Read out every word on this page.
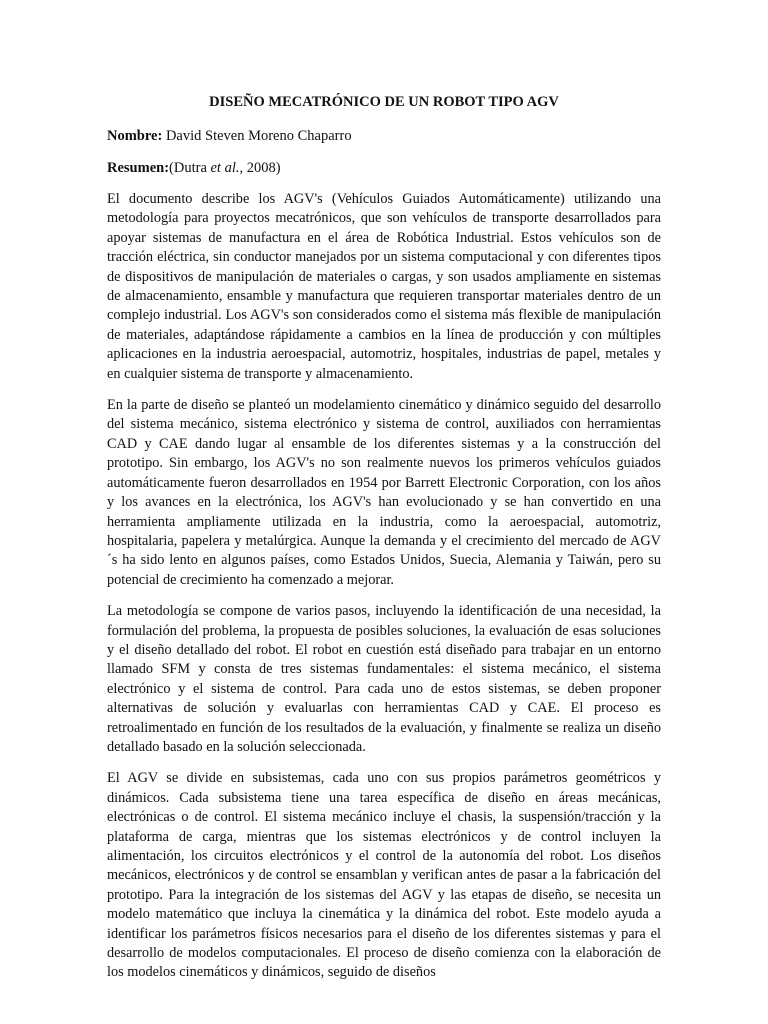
DISEÑO MECATRÓNICO DE UN ROBOT TIPO AGV
Nombre: David Steven Moreno Chaparro
Resumen:(Dutra et al., 2008)

El documento describe los AGV's (Vehículos Guiados Automáticamente) utilizando una metodología para proyectos mecatrónicos, que son vehículos de transporte desarrollados para apoyar sistemas de manufactura en el área de Robótica Industrial. Estos vehículos son de tracción eléctrica, sin conductor manejados por un sistema computacional y con diferentes tipos de dispositivos de manipulación de materiales o cargas, y son usados ampliamente en sistemas de almacenamiento, ensamble y manufactura que requieren transportar materiales dentro de un complejo industrial. Los AGV's son considerados como el sistema más flexible de manipulación de materiales, adaptándose rápidamente a cambios en la línea de producción y con múltiples aplicaciones en la industria aeroespacial, automotriz, hospitales, industrias de papel, metales y en cualquier sistema de transporte y almacenamiento.

En la parte de diseño se planteó un modelamiento cinemático y dinámico seguido del desarrollo del sistema mecánico, sistema electrónico y sistema de control, auxiliados con herramientas CAD y CAE dando lugar al ensamble de los diferentes sistemas y a la construcción del prototipo. Sin embargo, los AGV's no son realmente nuevos los primeros vehículos guiados automáticamente fueron desarrollados en 1954 por Barrett Electronic Corporation, con los años y los avances en la electrónica, los AGV's han evolucionado y se han convertido en una herramienta ampliamente utilizada en la industria, como la aeroespacial, automotriz, hospitalaria, papelera y metalúrgica. Aunque la demanda y el crecimiento del mercado de AGV´s ha sido lento en algunos países, como Estados Unidos, Suecia, Alemania y Taiwán, pero su potencial de crecimiento ha comenzado a mejorar.

La metodología se compone de varios pasos, incluyendo la identificación de una necesidad, la formulación del problema, la propuesta de posibles soluciones, la evaluación de esas soluciones y el diseño detallado del robot. El robot en cuestión está diseñado para trabajar en un entorno llamado SFM y consta de tres sistemas fundamentales: el sistema mecánico, el sistema electrónico y el sistema de control. Para cada uno de estos sistemas, se deben proponer alternativas de solución y evaluarlas con herramientas CAD y CAE. El proceso es retroalimentado en función de los resultados de la evaluación, y finalmente se realiza un diseño detallado basado en la solución seleccionada.

El AGV se divide en subsistemas, cada uno con sus propios parámetros geométricos y dinámicos. Cada subsistema tiene una tarea específica de diseño en áreas mecánicas, electrónicas o de control. El sistema mecánico incluye el chasis, la suspensión/tracción y la plataforma de carga, mientras que los sistemas electrónicos y de control incluyen la alimentación, los circuitos electrónicos y el control de la autonomía del robot. Los diseños mecánicos, electrónicos y de control se ensamblan y verifican antes de pasar a la fabricación del prototipo. Para la integración de los sistemas del AGV y las etapas de diseño, se necesita un modelo matemático que incluya la cinemática y la dinámica del robot. Este modelo ayuda a identificar los parámetros físicos necesarios para el diseño de los diferentes sistemas y para el desarrollo de modelos computacionales. El proceso de diseño comienza con la elaboración de los modelos cinemáticos y dinámicos, seguido de diseños
